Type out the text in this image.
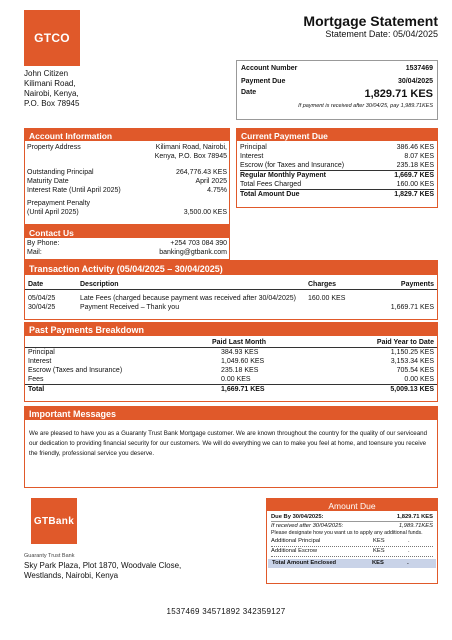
GTCO
Mortgage Statement
Statement Date: 05/04/2025
John Citizen
Kilimani Road,
Nairobi, Kenya,
P.O. Box 78945
Account Number	1537469
Payment Due	30/04/2025
Date	1,829.71 KES
If payment is received after 30/04/25, pay 1,989.71KES
Account Information
Property Address	Kilimani Road, Nairobi,
Kenya, P.O. Box 78945
Outstanding Principal	264,776.43 KES
Maturity Date	April 2025
Interest Rate (Until April 2025)	4.75%
Prepayment Penalty
(Until April 2025)	3,500.00 KES
Contact Us
By Phone:	+254 703 084 390
Mail:	banking@gtbank.com
Current Payment Due
Principal	386.46 KES
Interest	8.07 KES
Escrow (for Taxes and Insurance)	235.18 KES
Regular Monthly Payment	1,669.7 KES
Total Fees Charged	160.00 KES
Total Amount Due	1,829.7 KES
Transaction Activity (05/04/2025 – 30/04/2025)
Date	Description	Charges	Payments

05/04/25	Late Fees (charged because payment was received after 30/04/2025)	160.00 KES	
30/04/25	Payment Received – Thank you		1,669.71 KES
Past Payments Breakdown
	Paid Last Month	Paid Year to Date
Principal	384.93 KES	1,150.25 KES
Interest	1,049.60 KES	3,153.34 KES
Escrow (Taxes and Insurance)	235.18 KES	705.54 KES
Fees	0.00 KES	0.00 KES
Total	1,669.71 KES	5,009.13 KES
Important Messages
We are pleased to have you as a Guaranty Trust Bank Mortgage customer. We are known throughout the country for the quality of our serviceand our dedication to providing financial security for our customers. We will do everything we can to make you feel at home, and toensure you receive the friendly, professional service you deserve.
GTBank
Guaranty Trust Bank
Sky Park Plaza, Plot 1870, Woodvale Close,
Westlands, Nairobi, Kenya
Amount Due
Due By 30/04/2025:	1,829.71 KES
If received after 30/04/2025:	1,989.71KES
Please designate how you want us to apply any additional funds.
Additional Principal	KES	.
Additional Escrow	KES	.
Total Amount Enclosed	KES	.
1537469 34571892 342359127
